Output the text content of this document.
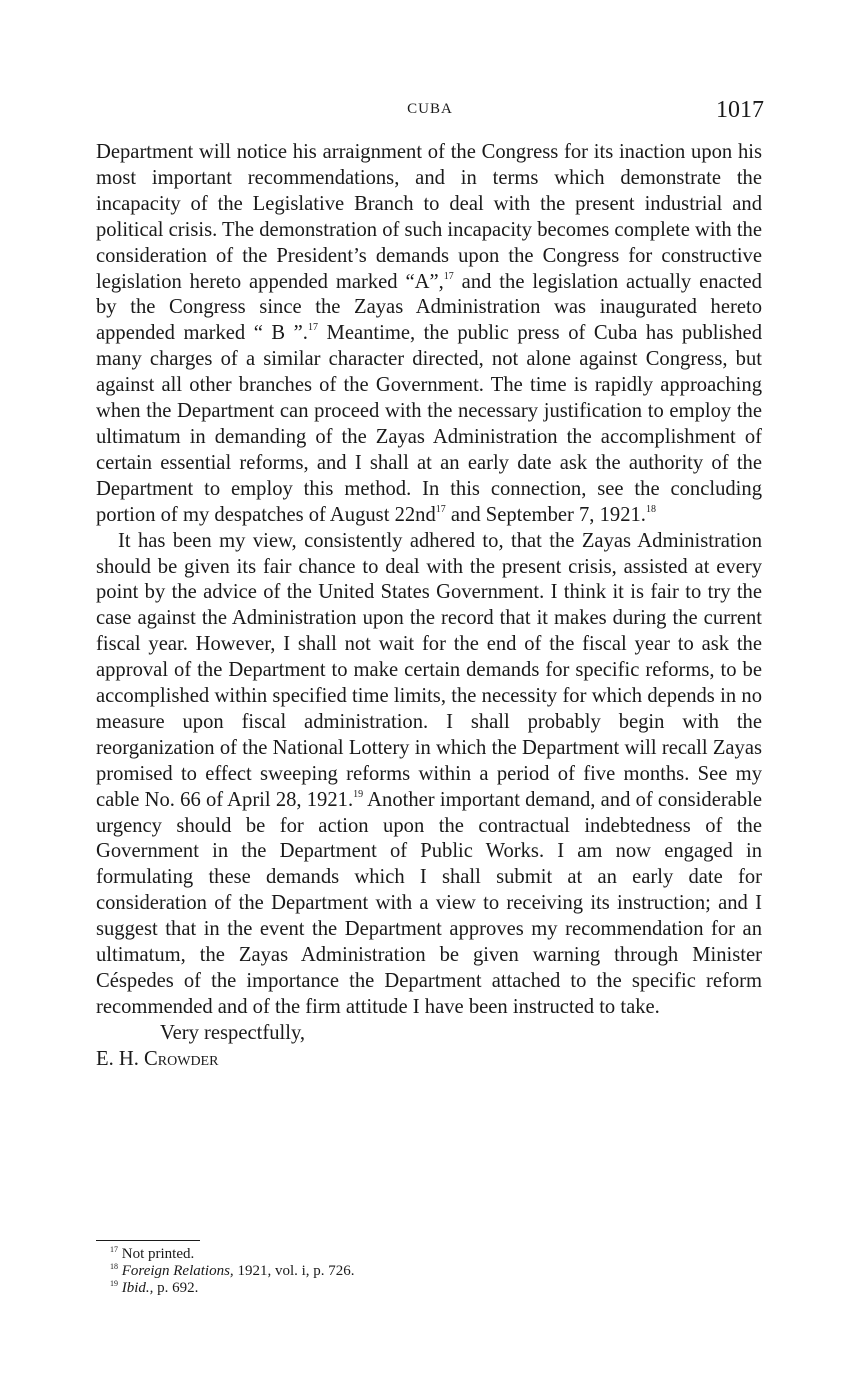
CUBA	1017

Department will notice his arraignment of the Congress for its inaction upon his most important recommendations, and in terms which demonstrate the incapacity of the Legislative Branch to deal with the present industrial and political crisis. The demonstration of such incapacity becomes complete with the consideration of the President’s demands upon the Congress for constructive legislation hereto appended marked “A”,$^{17}$ and the legislation actually enacted by the Congress since the Zayas Administration was inaugurated hereto appended marked “ B ”.$^{17}$ Meantime, the public press of Cuba has published many charges of a similar character directed, not alone against Congress, but against all other branches of the Government. The time is rapidly approaching when the Department can proceed with the necessary justification to employ the ultimatum in demanding of the Zayas Administration the accomplishment of certain essential reforms, and I shall at an early date ask the authority of the Department to employ this method. In this connection, see the concluding portion of my despatches of August $22nd^{17}$ and September 7, 1921.18

It has been my view, consistently adhered to, that the Zayas Administration should be given its fair chance to deal with the present crisis, assisted at every point by the advice of the United States Government. I think it is fair to try the case against the Administration upon the record that it makes during the current fiscal year. However, I shall not wait for the end of the fiscal year to ask the approval of the Department to make certain demands for specific reforms, to be accomplished within specified time limits, the necessity for which depends in no measure upon fiscal administration. I shall probably begin with the reorganization of the National Lottery in which the Department will recall Zayas promised to effect sweeping reforms within a period of five months. See my cable No. 66 of April 28, 1921.19 Another important demand, and of considerable urgency should be for action upon the contractual indebtedness of the Government in the Department of Public Works. I am now engaged in formulating these demands which I shall submit at an early date for consideration of the Department with a view to receiving its instruction; and I suggest that in the event the Department approves my recommendation for an ultimatum, the Zayas Administration be given warning through Minister Céspedes of the importance the Department attached to the specific reform recommended and of the firm attitude I have been instructed to take.

Very respectfully,

E. H. Crowder

$^{17}$ Not printed.
$^{18}$ Foreign Relations, 1921, vol. i, p. 726.
$^{19}$ Ibid., p. 692.
